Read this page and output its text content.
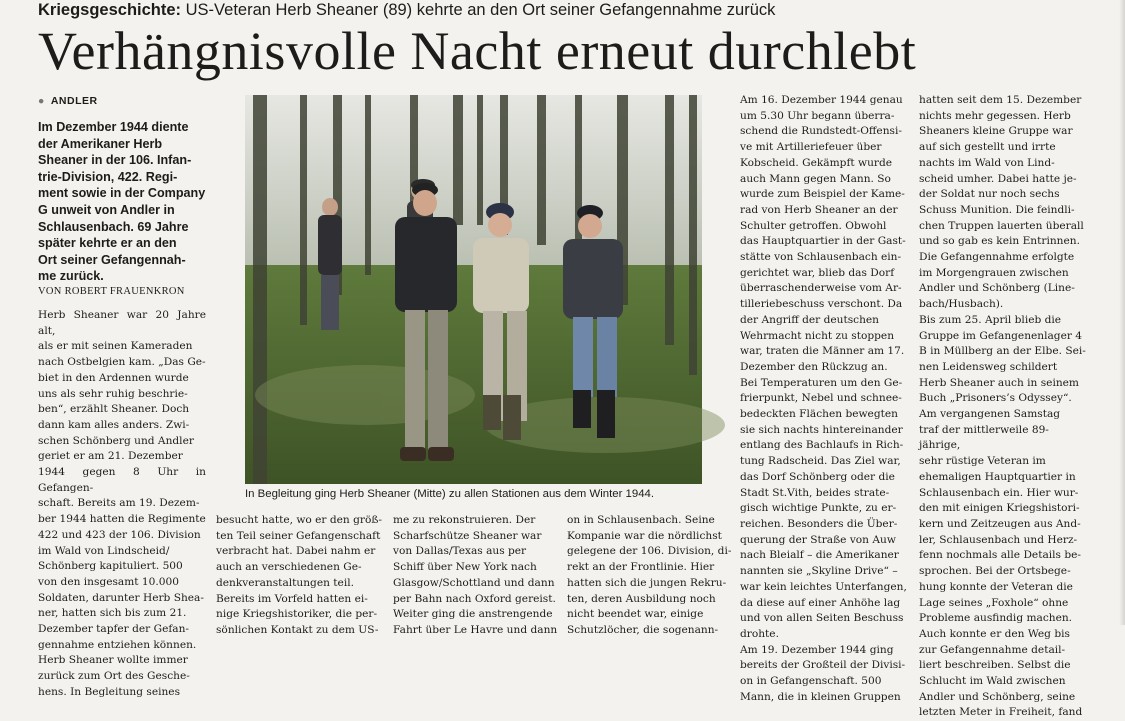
Kriegsgeschichte: US-Veteran Herb Sheaner (89) kehrte an den Ort seiner Gefangennahme zurück
Verhängnisvolle Nacht erneut durchlebt
● ANDLER
Im Dezember 1944 diente
der Amerikaner Herb
Sheaner in der 106. Infan-
trie-Division, 422. Regi-
ment sowie in der Company
G unweit von Andler in
Schlausenbach. 69 Jahre
später kehrte er an den
Ort seiner Gefangennah-
me zurück.
VON ROBERT FRAUENKRON
Herb Sheaner war 20 Jahre alt,
als er mit seinen Kameraden
nach Ostbelgien kam. „Das Ge-
biet in den Ardennen wurde
uns als sehr ruhig beschrie-
ben“, erzählt Sheaner. Doch
dann kam alles anders. Zwi-
schen Schönberg und Andler
geriet er am 21. Dezember
1944 gegen 8 Uhr in Gefangen-
schaft. Bereits am 19. Dezem-
ber 1944 hatten die Regimente
422 und 423 der 106. Division
im Wald von Lindscheid/
Schönberg kapituliert. 500
von den insgesamt 10.000
Soldaten, darunter Herb Shea-
ner, hatten sich bis zum 21.
Dezember tapfer der Gefan-
gennahme entziehen können.
Herb Sheaner wollte immer
zurück zum Ort des Gesche-
hens. In Begleitung seines
In Begleitung ging Herb Sheaner (Mitte) zu allen Stationen aus dem Winter 1944.
besucht hatte, wo er den größ-
ten Teil seiner Gefangenschaft
verbracht hat. Dabei nahm er
auch an verschiedenen Ge-
denkveranstaltungen teil.
Bereits im Vorfeld hatten ei-
nige Kriegshistoriker, die per-
sönlichen Kontakt zu dem US-
me zu rekonstruieren. Der
Scharfschütze Sheaner war
von Dallas/Texas aus per
Schiff über New York nach
Glasgow/Schottland und dann
per Bahn nach Oxford gereist.
Weiter ging die anstrengende
Fahrt über Le Havre und dann
on in Schlausenbach. Seine
Kompanie war die nördlichst
gelegene der 106. Division, di-
rekt an der Frontlinie. Hier
hatten sich die jungen Rekru-
ten, deren Ausbildung noch
nicht beendet war, einige
Schutzlöcher, die sogenann-
Am 16. Dezember 1944 genau
um 5.30 Uhr begann überra-
schend die Rundstedt-Offensi-
ve mit Artilleriefeuer über
Kobscheid. Gekämpft wurde
auch Mann gegen Mann. So
wurde zum Beispiel der Kame-
rad von Herb Sheaner an der
Schulter getroffen. Obwohl
das Hauptquartier in der Gast-
stätte von Schlausenbach ein-
gerichtet war, blieb das Dorf
überraschenderweise vom Ar-
tilleriebeschuss verschont. Da
der Angriff der deutschen
Wehrmacht nicht zu stoppen
war, traten die Männer am 17.
Dezember den Rückzug an.
Bei Temperaturen um den Ge-
frierpunkt, Nebel und schnee-
bedeckten Flächen bewegten
sie sich nachts hintereinander
entlang des Bachlaufs in Rich-
tung Radscheid. Das Ziel war,
das Dorf Schönberg oder die
Stadt St.Vith, beides strate-
gisch wichtige Punkte, zu er-
reichen. Besonders die Über-
querung der Straße von Auw
nach Bleialf – die Amerikaner
nannten sie „Skyline Drive“ –
war kein leichtes Unterfangen,
da diese auf einer Anhöhe lag
und von allen Seiten Beschuss
drohte.
Am 19. Dezember 1944 ging
bereits der Großteil der Divisi-
on in Gefangenschaft. 500
Mann, die in kleinen Gruppen
hatten seit dem 15. Dezember
nichts mehr gegessen. Herb
Sheaners kleine Gruppe war
auf sich gestellt und irrte
nachts im Wald von Lind-
scheid umher. Dabei hatte je-
der Soldat nur noch sechs
Schuss Munition. Die feindli-
chen Truppen lauerten überall
und so gab es kein Entrinnen.
Die Gefangennahme erfolgte
im Morgengrauen zwischen
Andler und Schönberg (Line-
bach/Husbach).
Bis zum 25. April blieb die
Gruppe im Gefangenenlager 4
B in Müllberg an der Elbe. Sei-
nen Leidensweg schildert
Herb Sheaner auch in seinem
Buch „Prisoners’s Odyssey“.
Am vergangenen Samstag
traf der mittlerweile 89-jährige,
sehr rüstige Veteran im
ehemaligen Hauptquartier in
Schlausenbach ein. Hier wur-
den mit einigen Kriegshistori-
kern und Zeitzeugen aus And-
ler, Schlausenbach und Herz-
fenn nochmals alle Details be-
sprochen. Bei der Ortsbege-
hung konnte der Veteran die
Lage seines „Foxhole“ ohne
Probleme ausfindig machen.
Auch konnte er den Weg bis
zur Gefangennahme detail-
liert beschreiben. Selbst die
Schlucht im Wald zwischen
Andler und Schönberg, seine
letzten Meter in Freiheit, fand
